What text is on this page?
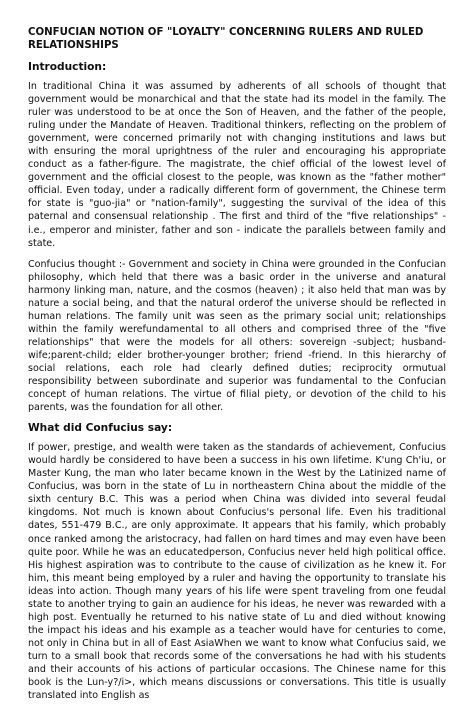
CONFUCIAN NOTION OF "LOYALTY" CONCERNING RULERS AND RULED RELATIONSHIPS
Introduction:

In traditional China it was assumed by adherents of all schools of thought that government would be monarchical and that the state had its model in the family. The ruler was understood to be at once the Son of Heaven, and the father of the people, ruling under the Mandate of Heaven. Traditional thinkers, reflecting on the problem of government, were concerned primarily not with changing institutions and laws but with ensuring the moral uprightness of the ruler and encouraging his appropriate conduct as a father-figure. The magistrate, the chief official of the lowest level of government and the official closest to the people, was known as the "father mother" official. Even today, under a radically different form of government, the Chinese term for state is "guo-jia" or "nation-family", suggesting the survival of the idea of this paternal and consensual relationship . The first and third of the "five relationships" - i.e., emperor and minister, father and son - indicate the parallels between family and state.

Confucius thought :- Government and society in China were grounded in the Confucian philosophy, which held that there was a basic order in the universe and anatural harmony linking man, nature, and the cosmos (heaven) ; it also held that man was by nature a social being, and that the natural orderof the universe should be reflected in human relations. The family unit was seen as the primary social unit; relationships within the family werefundamental to all others and comprised three of the "five relationships" that were the models for all others: sovereign -subject; husband-wife;parent-child; elder brother-younger brother; friend -friend. In this hierarchy of social relations, each role had clearly defined duties; reciprocity ormutual responsibility between subordinate and superior was fundamental to the Confucian concept of human relations. The virtue of filial piety, or devotion of the child to his parents, was the foundation for all other.

What did Confucius say:

If power, prestige, and wealth were taken as the standards of achievement, Confucius would hardly be considered to have been a success in his own lifetime. K'ung Ch'iu, or Master Kung, the man who later became known in the West by the Latinized name of Confucius, was born in the state of Lu in northeastern China about the middle of the sixth century B.C. This was a period when China was divided into several feudal kingdoms. Not much is known about Confucius's personal life. Even his traditional dates, 551-479 B.C., are only approximate. It appears that his family, which probably once ranked among the aristocracy, had fallen on hard times and may even have been quite poor. While he was an educatedperson, Confucius never held high political office. His highest aspiration was to contribute to the cause of civilization as he knew it. For him, this meant being employed by a ruler and having the opportunity to translate his ideas into action. Though many years of his life were spent traveling from one feudal state to another trying to gain an audience for his ideas, he never was rewarded with a high post. Eventually he returned to his native state of Lu and died without knowing the impact his ideas and his example as a teacher would have for centuries to come, not only in China but in all of East AsiaWhen we want to know what Confucius said, we turn to a small book that records some of the conversations he had with his students and their accounts of his actions of particular occasions. The Chinese name for this book is the Lun-y?/i>, which means discussions or conversations. This title is usually translated into English as
